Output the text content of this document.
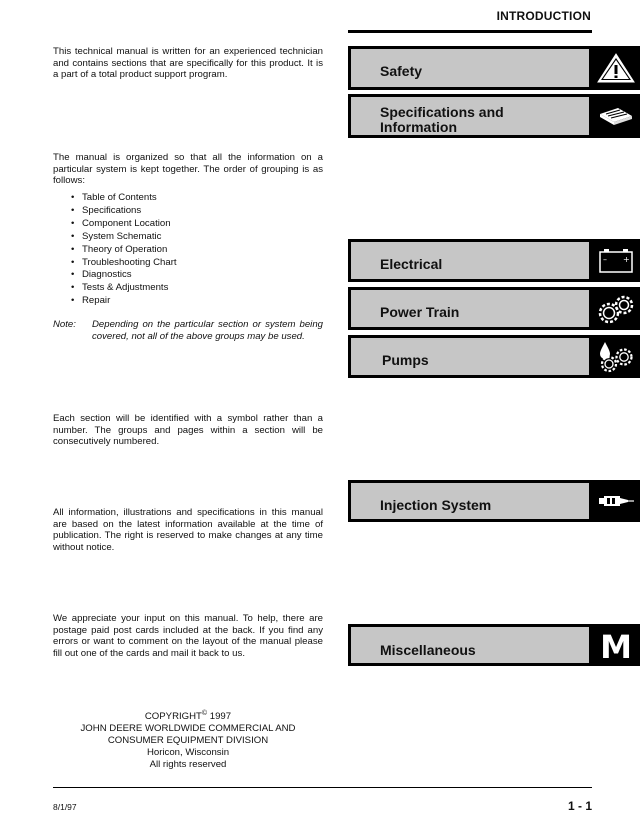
INTRODUCTION

This technical manual is written for an experienced technician and contains sections that are specifically for this product. It is a part of a total product support program.

The manual is organized so that all the information on a particular system is kept together. The order of grouping is as follows:

• Table of Contents
• Specifications
• Component Location
• System Schematic
• Theory of Operation
• Troubleshooting Chart
• Diagnostics
• Tests & Adjustments
• Repair
Note: Depending on the particular section or system being covered, not all of the above groups may be used.

Each section will be identified with a symbol rather than a number. The groups and pages within a section will be consecutively numbered.

All information, illustrations and specifications in this manual are based on the latest information available at the time of publication. The right is reserved to make changes at any time without notice.

We appreciate your input on this manual. To help, there are postage paid post cards included at the back. If you find any errors or want to comment on the layout of the manual please fill out one of the cards and mail it back to us.

COPYRIGHT© 1997
JOHN DEERE WORLDWIDE COMMERCIAL AND
CONSUMER EQUIPMENT DIVISION
Horicon, Wisconsin
All rights reserved
Safety
Specifications and
Information
Electrical	– +
Power Train
Pumps
Injection System
Miscellaneous	M
8/1/97	1 - 1
